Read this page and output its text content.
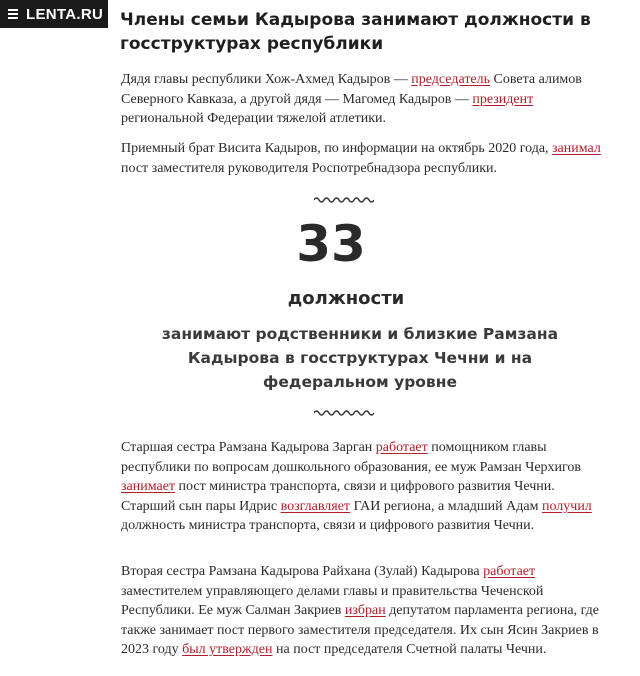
LENTA.RU Члены семьи Кадырова занимают должности в госструктурах республики

Дядя главы республики Хож-Ахмед Кадыров — председатель Совета алимов Северного Кавказа, а другой дядя — Магомед Кадыров — президент региональной Федерации тяжелой атлетики.

Приемный брат Висита Кадыров, по информации на октябрь 2020 года, занимал пост заместителя руководителя Роспотребнадзора республики.

33
должности
занимают родственники и близкие Рамзана Кадырова в госструктурах Чечни и на федеральном уровне

Старшая сестра Рамзана Кадырова Зарган работает помощником главы республики по вопросам дошкольного образования, ее муж Рамзан Черхигов занимает пост министра транспорта, связи и цифрового развития Чечни. Старший сын пары Идрис возглавляет ГАИ региона, а младший Адам получил должность министра транспорта, связи и цифрового развития Чечни.

Вторая сестра Рамзана Кадырова Райхана (Зулай) Кадырова работает заместителем управляющего делами главы и правительства Чеченской Республики. Ее муж Салман Закриев избран депутатом парламента региона, где также занимает пост первого заместителя председателя. Их сын Ясин Закриев в 2023 году был утвержден на пост председателя Счетной палаты Чечни.
